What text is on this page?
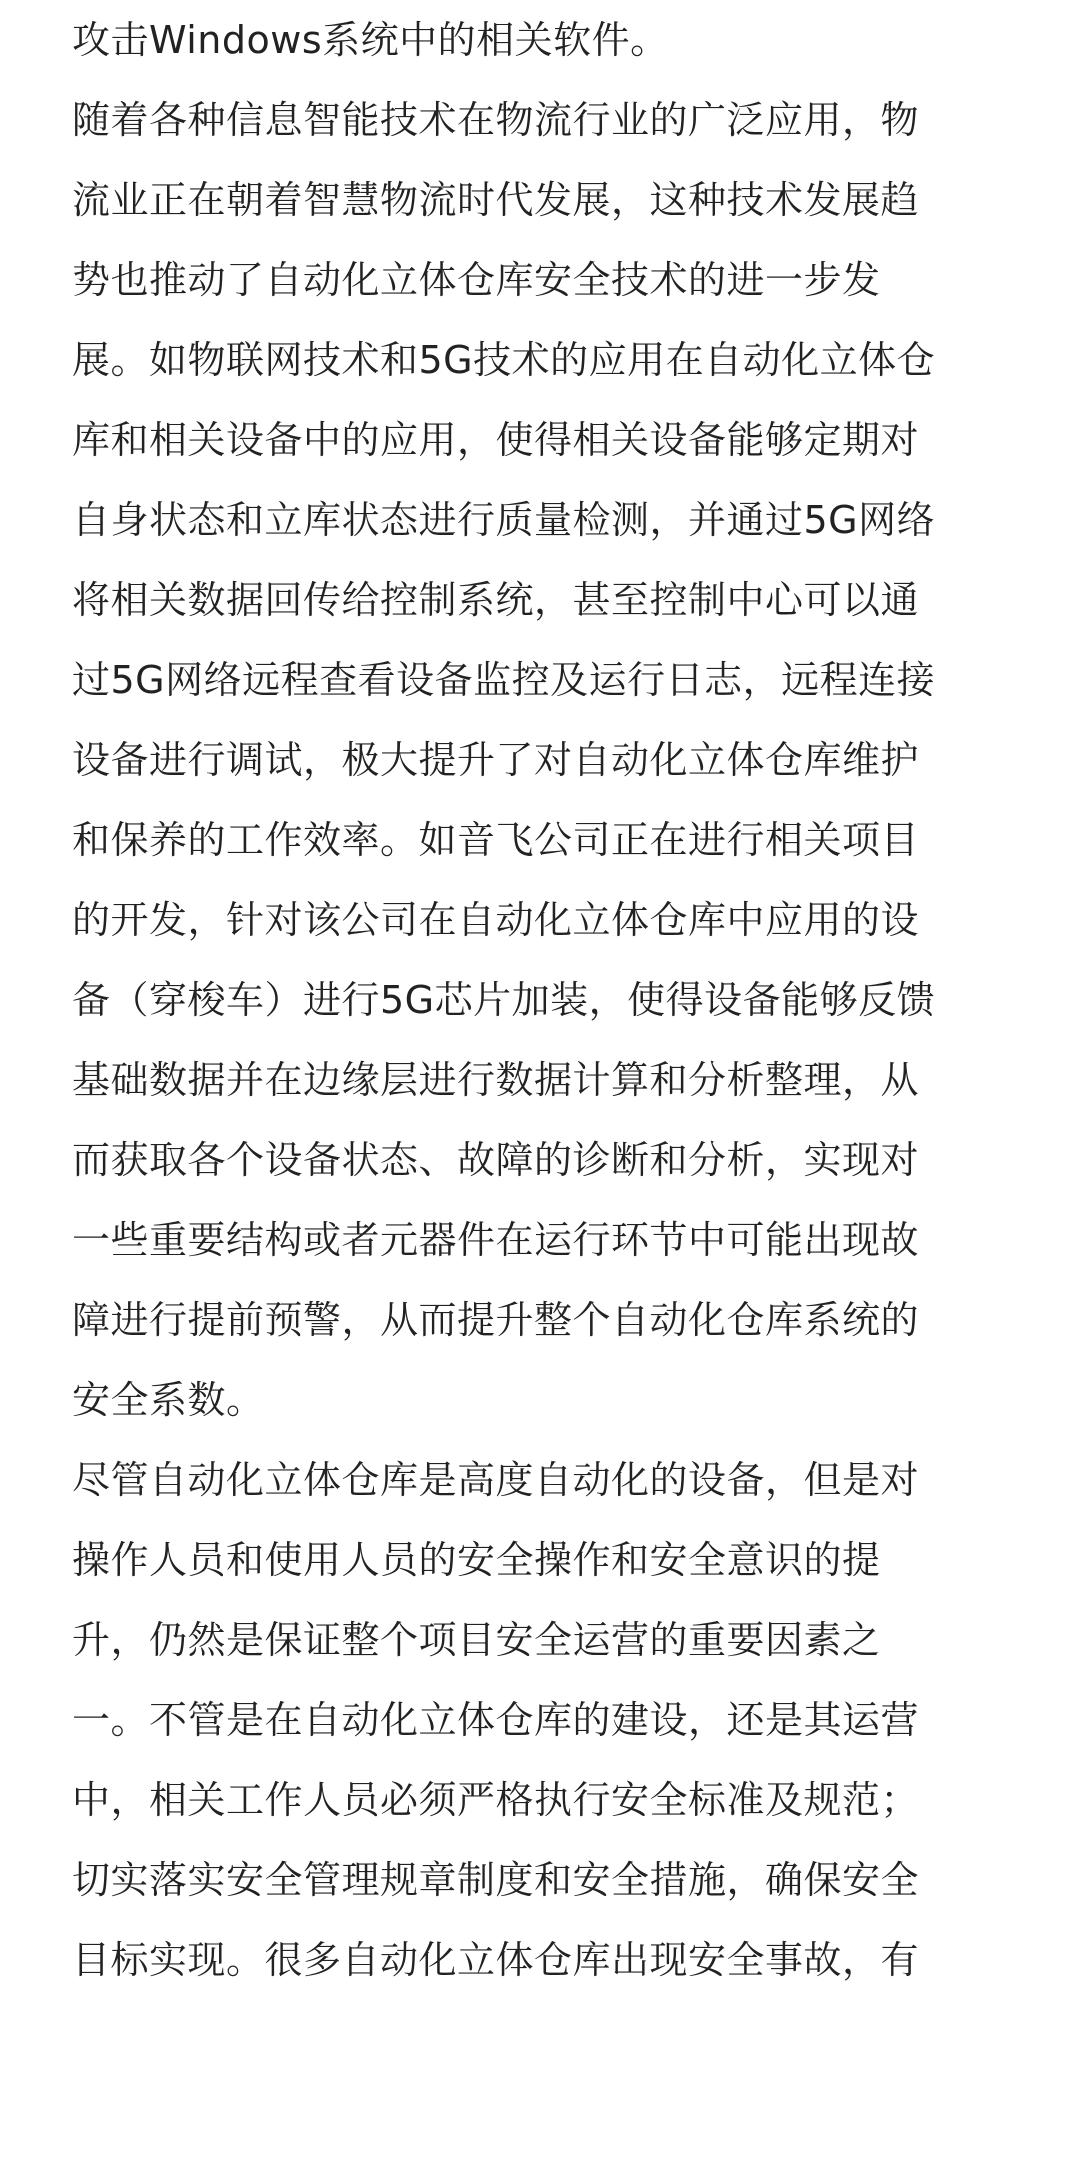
攻击Windows系统中的相关软件。

随着各种信息智能技术在物流行业的广泛应用，物
流业正在朝着智慧物流时代发展，这种技术发展趋
势也推动了自动化立体仓库安全技术的进一步发
展。如物联网技术和5G技术的应用在自动化立体仓
库和相关设备中的应用，使得相关设备能够定期对
自身状态和立库状态进行质量检测，并通过5G网络
将相关数据回传给控制系统，甚至控制中心可以通
过5G网络远程查看设备监控及运行日志，远程连接
设备进行调试，极大提升了对自动化立体仓库维护
和保养的工作效率。如音飞公司正在进行相关项目
的开发，针对该公司在自动化立体仓库中应用的设
备（穿梭车）进行5G芯片加装，使得设备能够反馈
基础数据并在边缘层进行数据计算和分析整理，从
而获取各个设备状态、故障的诊断和分析，实现对
一些重要结构或者元器件在运行环节中可能出现故
障进行提前预警，从而提升整个自动化仓库系统的
安全系数。

尽管自动化立体仓库是高度自动化的设备，但是对
操作人员和使用人员的安全操作和安全意识的提
升，仍然是保证整个项目安全运营的重要因素之
一。不管是在自动化立体仓库的建设，还是其运营
中，相关工作人员必须严格执行安全标准及规范；
切实落实安全管理规章制度和安全措施，确保安全
目标实现。很多自动化立体仓库出现安全事故，有
